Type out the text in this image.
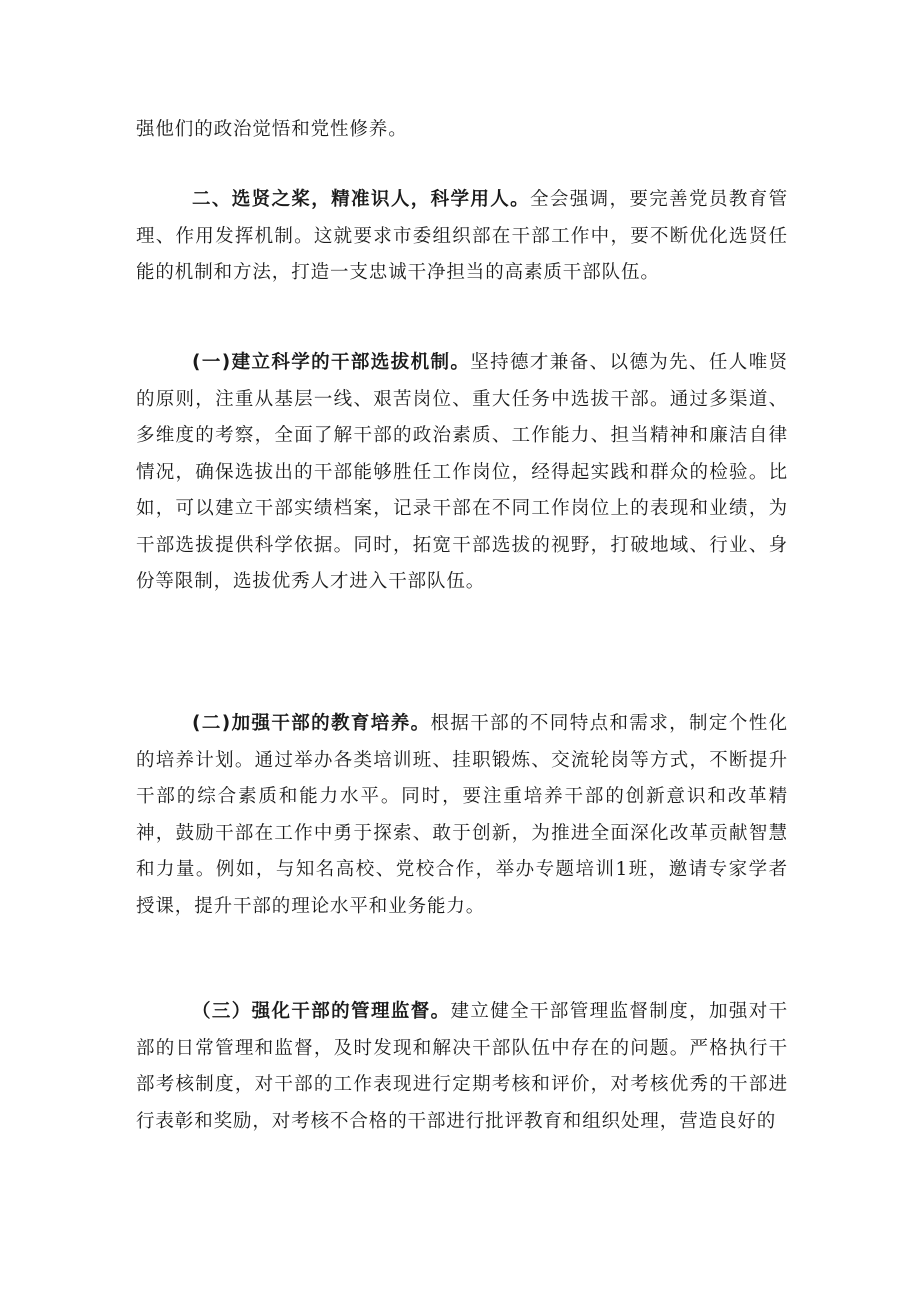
强他们的政治觉悟和党性修养。

二、选贤之桨，精准识人，科学用人。全会强调，要完善党员教育管理、作用发挥机制。这就要求市委组织部在干部工作中，要不断优化选贤任能的机制和方法，打造一支忠诚干净担当的高素质干部队伍。

(一)建立科学的干部选拔机制。坚持德才兼备、以德为先、任人唯贤的原则，注重从基层一线、艰苦岗位、重大任务中选拔干部。通过多渠道、多维度的考察，全面了解干部的政治素质、工作能力、担当精神和廉洁自律情况，确保选拔出的干部能够胜任工作岗位，经得起实践和群众的检验。比如，可以建立干部实绩档案，记录干部在不同工作岗位上的表现和业绩，为干部选拔提供科学依据。同时，拓宽干部选拔的视野，打破地域、行业、身份等限制，选拔优秀人才进入干部队伍。

(二)加强干部的教育培养。根据干部的不同特点和需求，制定个性化的培养计划。通过举办各类培训班、挂职锻炼、交流轮岗等方式，不断提升干部的综合素质和能力水平。同时，要注重培养干部的创新意识和改革精神，鼓励干部在工作中勇于探索、敢于创新，为推进全面深化改革贡献智慧和力量。例如，与知名高校、党校合作，举办专题培训1班，邀请专家学者授课，提升干部的理论水平和业务能力。

（三）强化干部的管理监督。建立健全干部管理监督制度，加强对干部的日常管理和监督，及时发现和解决干部队伍中存在的问题。严格执行干部考核制度，对干部的工作表现进行定期考核和评价，对考核优秀的干部进行表彰和奖励，对考核不合格的干部进行批评教育和组织处理，营造良好的
